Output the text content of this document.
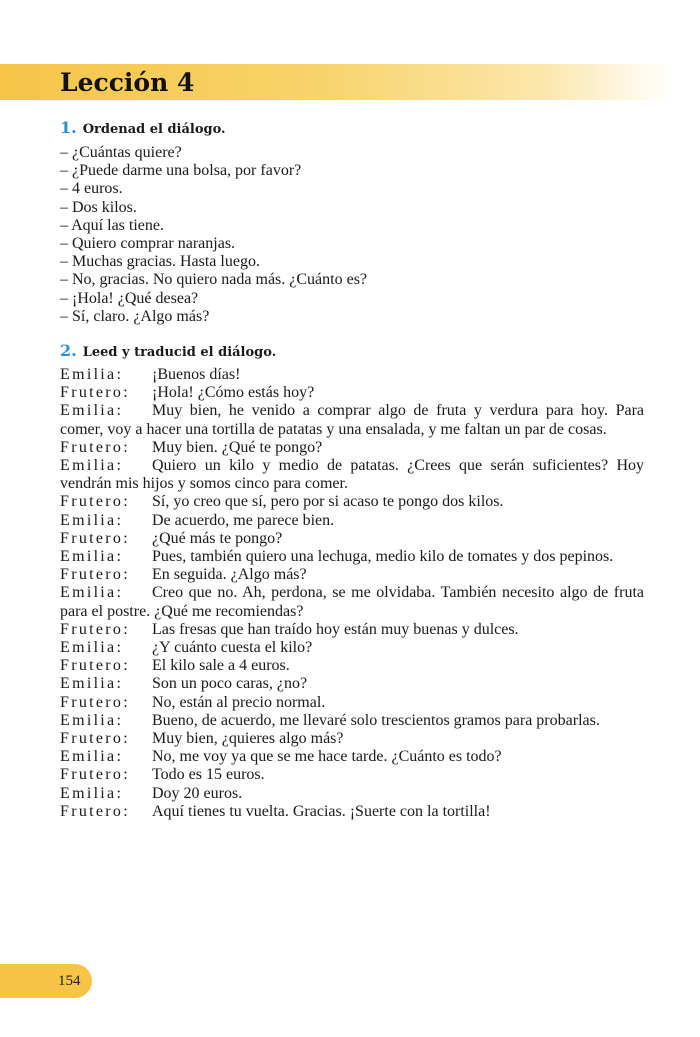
Lección 4
1. Ordenad el diálogo.
– ¿Cuántas quiere?
– ¿Puede darme una bolsa, por favor?
– 4 euros.
– Dos kilos.
– Aquí las tiene.
– Quiero comprar naranjas.
– Muchas gracias. Hasta luego.
– No, gracias. No quiero nada más. ¿Cuánto es?
– ¡Hola! ¿Qué desea?
– Sí, claro. ¿Algo más?
2. Leed y traducid el diálogo.
Emilia: ¡Buenos días!
Frutero: ¡Hola! ¿Cómo estás hoy?
Emilia: Muy bien, he venido a comprar algo de fruta y verdura para hoy. Para comer, voy a hacer una tortilla de patatas y una ensalada, y me faltan un par de cosas.
Frutero: Muy bien. ¿Qué te pongo?
Emilia: Quiero un kilo y medio de patatas. ¿Crees que serán suficientes? Hoy vendrán mis hijos y somos cinco para comer.
Frutero: Sí, yo creo que sí, pero por si acaso te pongo dos kilos.
Emilia: De acuerdo, me parece bien.
Frutero: ¿Qué más te pongo?
Emilia: Pues, también quiero una lechuga, medio kilo de tomates y dos pepinos.
Frutero: En seguida. ¿Algo más?
Emilia: Creo que no. Ah, perdona, se me olvidaba. También necesito algo de fruta para el postre. ¿Qué me recomiendas?
Frutero: Las fresas que han traído hoy están muy buenas y dulces.
Emilia: ¿Y cuánto cuesta el kilo?
Frutero: El kilo sale a 4 euros.
Emilia: Son un poco caras, ¿no?
Frutero: No, están al precio normal.
Emilia: Bueno, de acuerdo, me llevaré solo trescientos gramos para probarlas.
Frutero: Muy bien, ¿quieres algo más?
Emilia: No, me voy ya que se me hace tarde. ¿Cuánto es todo?
Frutero: Todo es 15 euros.
Emilia: Doy 20 euros.
Frutero: Aquí tienes tu vuelta. Gracias. ¡Suerte con la tortilla!
154
